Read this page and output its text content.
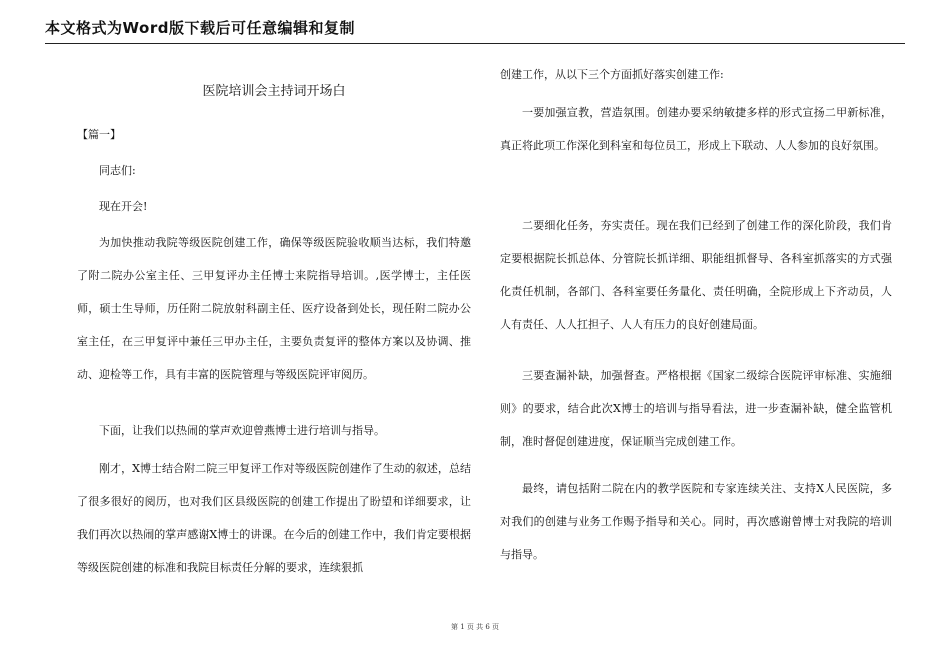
本文格式为Word版下载后可任意编辑和复制
医院培训会主持词开场白

【篇一】

同志们:

现在开会!

为加快推动我院等级医院创建工作，确保等级医院验收顺当达标，我们特邀了附二院办公室主任、三甲复评办主任博士来院指导培训。,医学博士，主任医师，硕士生导师，历任附二院放射科副主任、医疗设备到处长，现任附二院办公室主任，在三甲复评中兼任三甲办主任，主要负责复评的整体方案以及协调、推动、迎检等工作，具有丰富的医院管理与等级医院评审阅历。

下面，让我们以热闹的掌声欢迎曾燕博士进行培训与指导。

刚才，X博士结合附二院三甲复评工作对等级医院创建作了生动的叙述，总结了很多很好的阅历，也对我们区县级医院的创建工作提出了盼望和详细要求，让我们再次以热闹的掌声感谢X博士的讲课。在今后的创建工作中，我们肯定要根据等级医院创建的标准和我院目标责任分解的要求，连续狠抓

创建工作，从以下三个方面抓好落实创建工作:

一要加强宣教，营造氛围。创建办要采纳敏捷多样的形式宣扬二甲新标准，真正将此项工作深化到科室和每位员工，形成上下联动、人人参加的良好氛围。

二要细化任务，夯实责任。现在我们已经到了创建工作的深化阶段，我们肯定要根据院长抓总体、分管院长抓详细、职能组抓督导、各科室抓落实的方式强化责任机制，各部门、各科室要任务量化、责任明确，全院形成上下齐动员，人人有责任、人人扛担子、人人有压力的良好创建局面。

三要查漏补缺，加强督查。严格根据《国家二级综合医院评审标准、实施细则》的要求，结合此次X博士的培训与指导看法，进一步查漏补缺，健全监管机制，准时督促创建进度，保证顺当完成创建工作。

最终，请包括附二院在内的教学医院和专家连续关注、支持X人民医院，多对我们的创建与业务工作赐予指导和关心。同时，再次感谢曾博士对我院的培训与指导。

第 1 页 共 6 页
